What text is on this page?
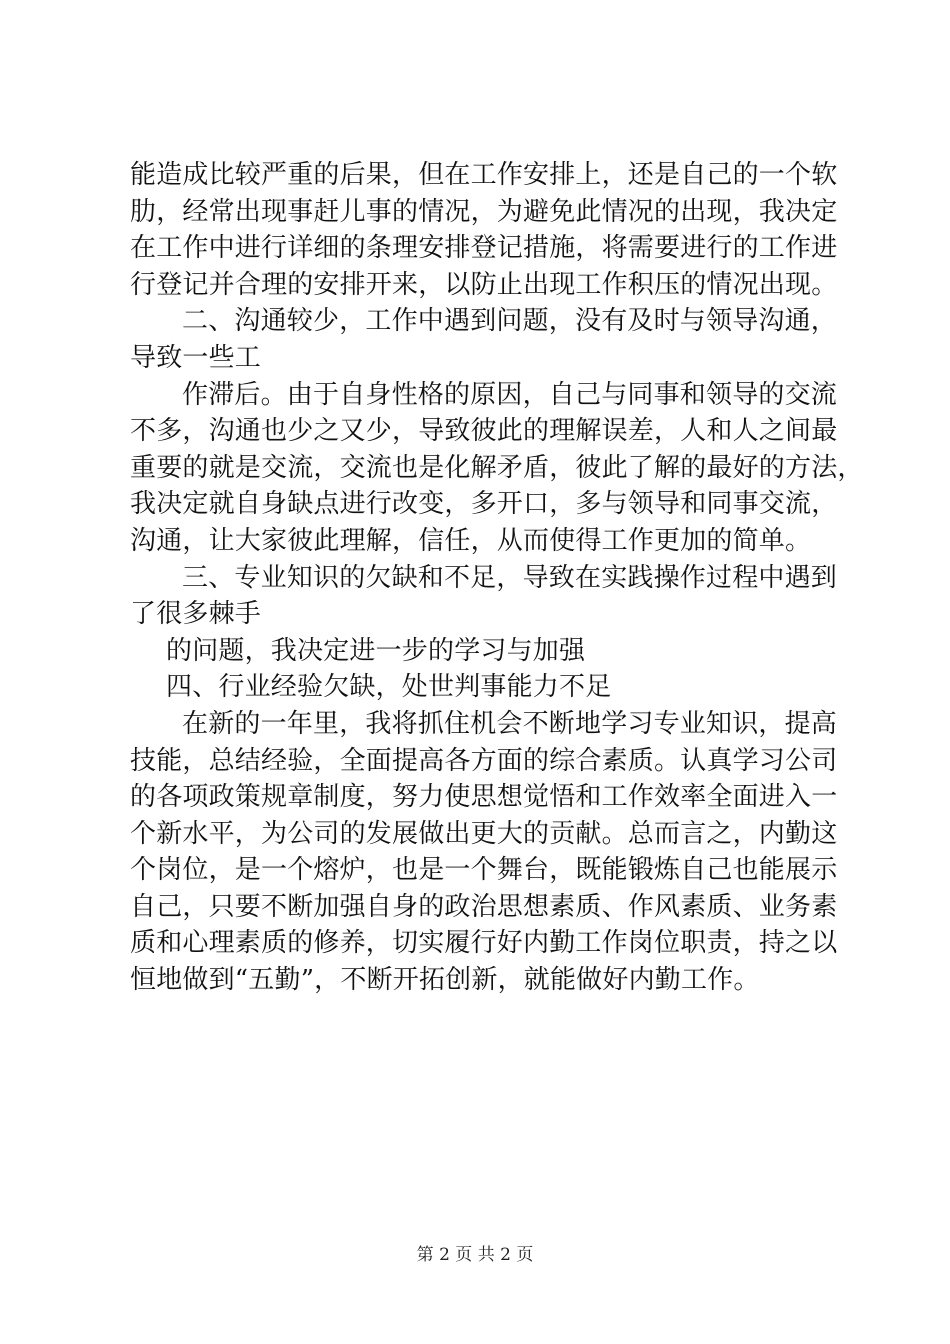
能造成比较严重的后果，但在工作安排上，还是自己的一个软
肋，经常出现事赶儿事的情况，为避免此情况的出现，我决定
在工作中进行详细的条理安排登记措施，将需要进行的工作进
行登记并合理的安排开来，以防止出现工作积压的情况出现。
二、沟通较少，工作中遇到问题，没有及时与领导沟通，
导致一些工
作滞后。由于自身性格的原因，自己与同事和领导的交流
不多，沟通也少之又少，导致彼此的理解误差，人和人之间最
重要的就是交流，交流也是化解矛盾，彼此了解的最好的方法，
我决定就自身缺点进行改变，多开口，多与领导和同事交流，
沟通，让大家彼此理解，信任，从而使得工作更加的简单。
三、专业知识的欠缺和不足，导致在实践操作过程中遇到
了很多棘手
的问题，我决定进一步的学习与加强
四、行业经验欠缺，处世判事能力不足
在新的一年里，我将抓住机会不断地学习专业知识，提高
技能，总结经验，全面提高各方面的综合素质。认真学习公司
的各项政策规章制度，努力使思想觉悟和工作效率全面进入一
个新水平，为公司的发展做出更大的贡献。总而言之，内勤这
个岗位，是一个熔炉，也是一个舞台，既能锻炼自己也能展示
自己，只要不断加强自身的政治思想素质、作风素质、业务素
质和心理素质的修养，切实履行好内勤工作岗位职责，持之以
恒地做到“五勤”，不断开拓创新，就能做好内勤工作。
第 2 页 共 2 页
